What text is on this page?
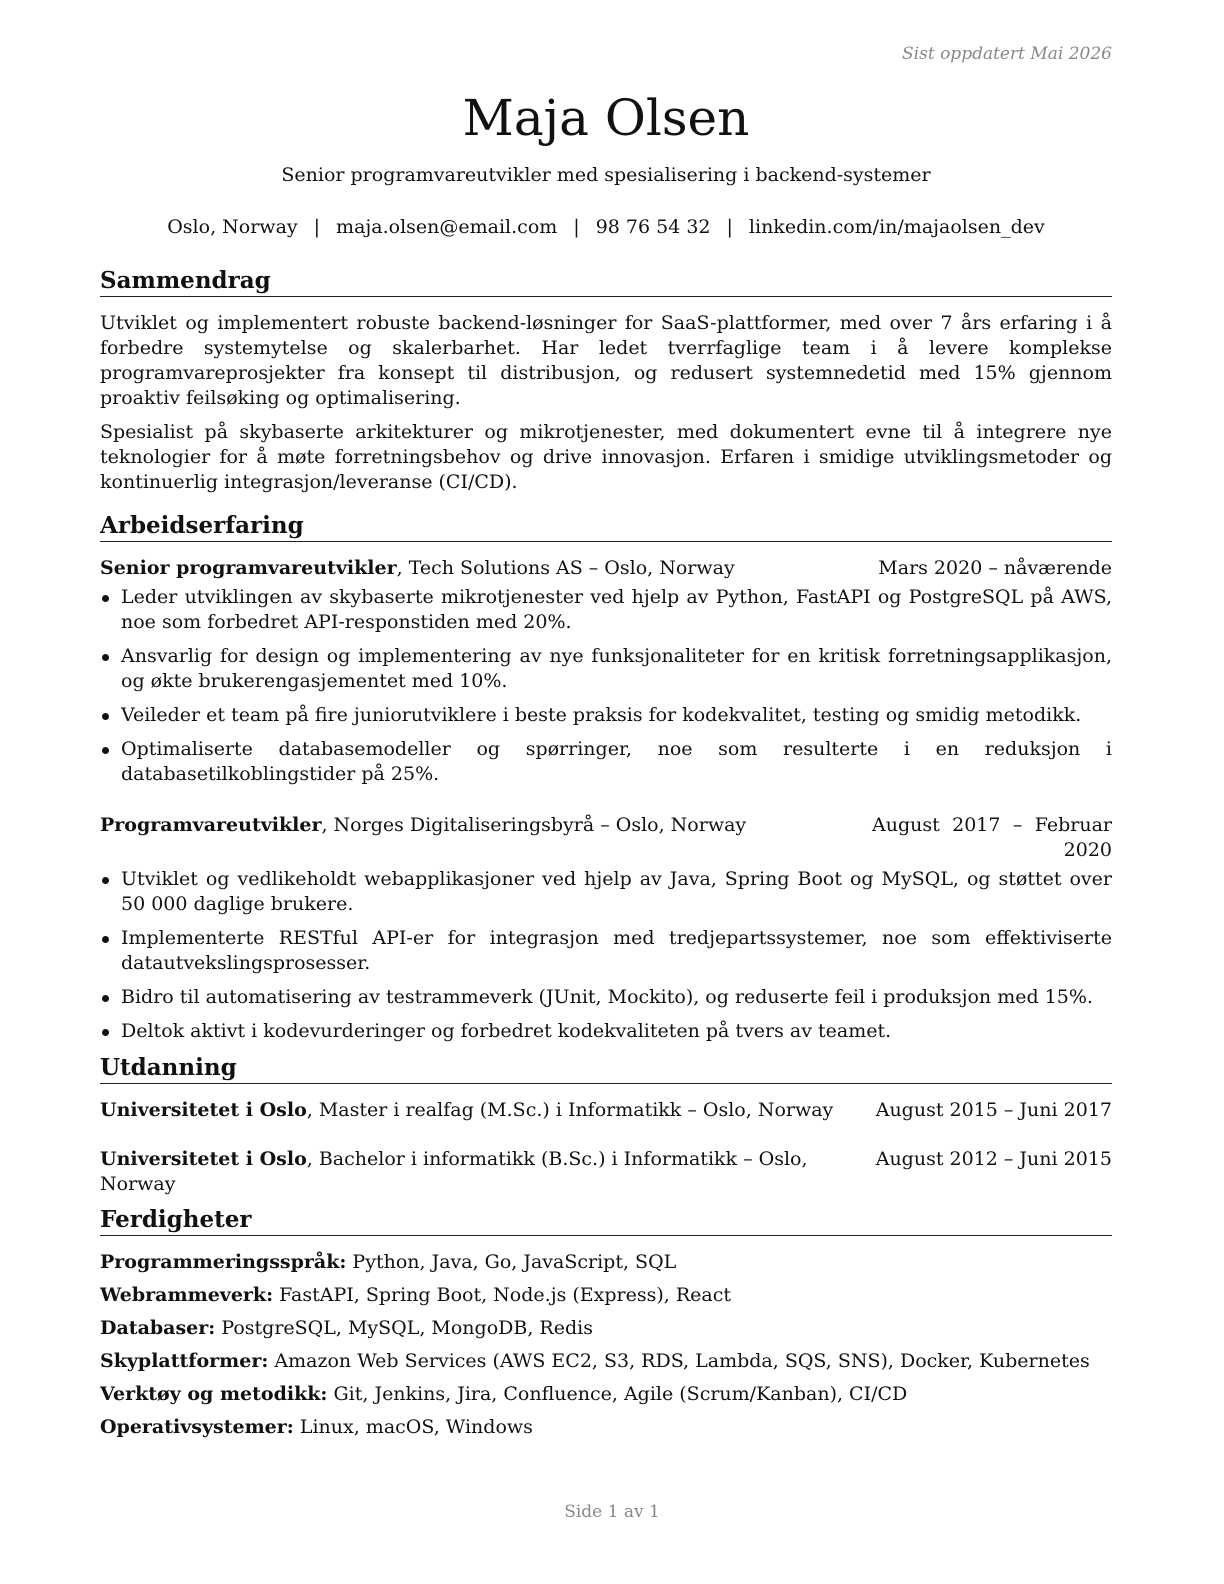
Sist oppdatert Mai 2026
Maja Olsen
Senior programvareutvikler med spesialisering i backend-systemer
Oslo, Norway | maja.olsen@email.com | 98 76 54 32 | linkedin.com/in/majaolsen_dev
Sammendrag

Utviklet og implementert robuste backend-løsninger for SaaS-plattformer, med over 7 års erfaring i å forbedre systemytelse og skalerbarhet. Har ledet tverrfaglige team i å levere komplekse programvareprosjekter fra konsept til distribusjon, og redusert systemnedetid med 15% gjennom proaktiv feilsøking og optimalisering.

Spesialist på skybaserte arkitekturer og mikrotjenester, med dokumentert evne til å integrere nye teknologier for å møte forretningsbehov og drive innovasjon. Erfaren i smidige utviklingsmetoder og kontinuerlig integrasjon/leveranse (CI/CD).

Arbeidserfaring
Senior programvareutvikler, Tech Solutions AS – Oslo, Norway	Mars 2020 – nåværende
Leder utviklingen av skybaserte mikrotjenester ved hjelp av Python, FastAPI og PostgreSQL på AWS, noe som forbedret API-responstiden med 20%.
Ansvarlig for design og implementering av nye funksjonaliteter for en kritisk forretningsapplikasjon, og økte brukerengasjementet med 10%.
Veileder et team på fire juniorutviklere i beste praksis for kodekvalitet, testing og smidig metodikk.
Optimaliserte databasemodeller og spørringer, noe som resulterte i en reduksjon i databasetilkoblingstider på 25%.
Programvareutvikler, Norges Digitaliseringsbyrå – Oslo, Norway	August 2017 – Februar 2020
Utviklet og vedlikeholdt webapplikasjoner ved hjelp av Java, Spring Boot og MySQL, og støttet over 50 000 daglige brukere.
Implementerte RESTful API-er for integrasjon med tredjepartssystemer, noe som effektiviserte datautvekslingsprosesser.
Bidro til automatisering av testrammeverk (JUnit, Mockito), og reduserte feil i produksjon med 15%.
Deltok aktivt i kodevurderinger og forbedret kodekvaliteten på tvers av teamet.
Utdanning
Universitetet i Oslo, Master i realfag (M.Sc.) i Informatikk – Oslo, Norway August 2015 – Juni 2017
Universitetet i Oslo, Bachelor i informatikk (B.Sc.) i Informatikk – Oslo, Norway
August 2012 – Juni 2015
Ferdigheter
Programmeringsspråk: Python, Java, Go, JavaScript, SQL
Webrammeverk: FastAPI, Spring Boot, Node.js (Express), React
Databaser: PostgreSQL, MySQL, MongoDB, Redis
Skyplattformer: Amazon Web Services (AWS EC2, S3, RDS, Lambda, SQS, SNS), Docker, Kubernetes
Verktøy og metodikk: Git, Jenkins, Jira, Confluence, Agile (Scrum/Kanban), CI/CD
Operativsystemer: Linux, macOS, Windows
Side 1 av 1
